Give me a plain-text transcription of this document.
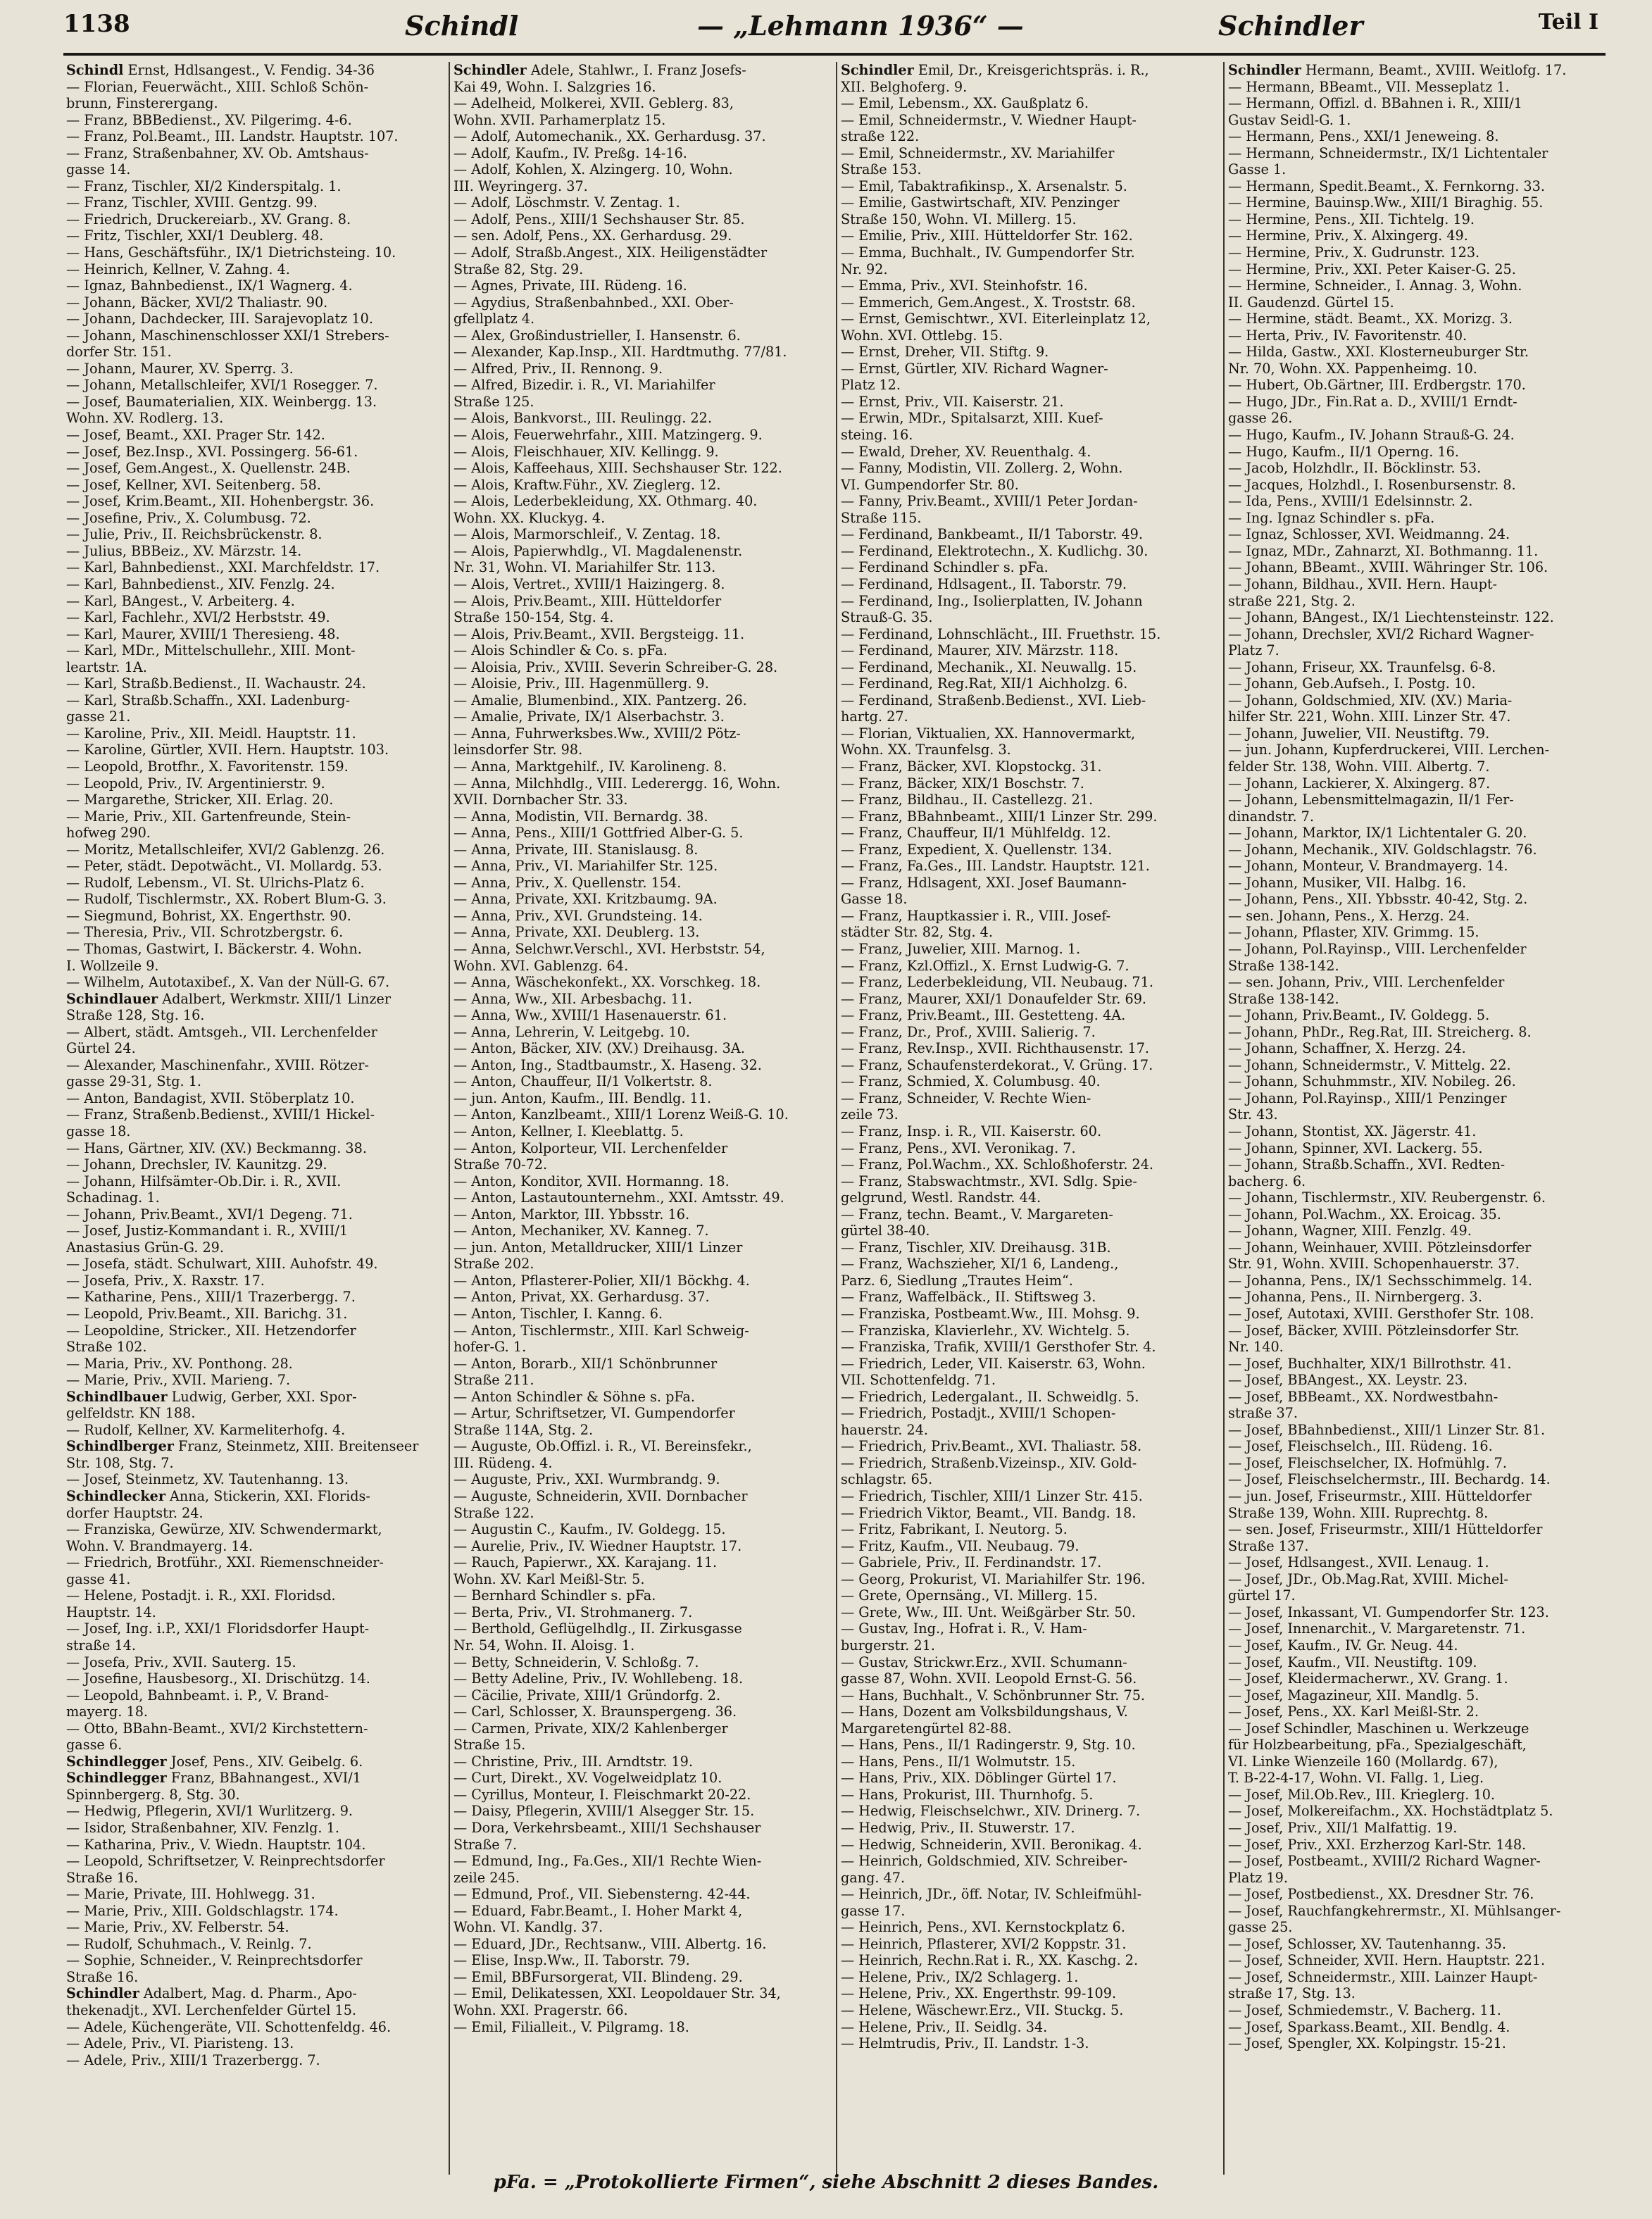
1138	Schindl	— „Lehmann 1936“ —	Schindler	Teil I
Schindl Ernst, Hdlsangest., V. Fendig. 34-36
— Florian, Feuerwächt., XIII. Schloß Schön-
brunn, Finsterergang.
— Franz, BBBedienst., XV. Pilgerimg. 4-6.
— Franz, Pol.Beamt., III. Landstr. Hauptstr. 107.
— Franz, Straßenbahner, XV. Ob. Amtshaus-
gasse 14.
— Franz, Tischler, XI/2 Kinderspitalg. 1.
— Franz, Tischler, XVIII. Gentzg. 99.
— Friedrich, Druckereiarb., XV. Grang. 8.
— Fritz, Tischler, XXI/1 Deublerg. 48.
— Hans, Geschäftsführ., IX/1 Dietrichsteing. 10.
— Heinrich, Kellner, V. Zahng. 4.
— Ignaz, Bahnbedienst., IX/1 Wagnerg. 4.
— Johann, Bäcker, XVI/2 Thaliastr. 90.
— Johann, Dachdecker, III. Sarajevoplatz 10.
— Johann, Maschinenschlosser XXI/1 Strebers-
dorfer Str. 151.
— Johann, Maurer, XV. Sperrg. 3.
— Johann, Metallschleifer, XVI/1 Rosegger. 7.
— Josef, Baumaterialien, XIX. Weinbergg. 13.
Wohn. XV. Rodlerg. 13.
— Josef, Beamt., XXI. Prager Str. 142.
— Josef, Bez.Insp., XVI. Possingerg. 56-61.
— Josef, Gem.Angest., X. Quellenstr. 24B.
— Josef, Kellner, XVI. Seitenberg. 58.
— Josef, Krim.Beamt., XII. Hohenbergstr. 36.
— Josefine, Priv., X. Columbusg. 72.
— Julie, Priv., II. Reichsbrückenstr. 8.
— Julius, BBBeiz., XV. Märzstr. 14.
— Karl, Bahnbedienst., XXI. Marchfeldstr. 17.
— Karl, Bahnbedienst., XIV. Fenzlg. 24.
— Karl, BAngest., V. Arbeiterg. 4.
— Karl, Fachlehr., XVI/2 Herbststr. 49.
— Karl, Maurer, XVIII/1 Theresieng. 48.
— Karl, MDr., Mittelschullehr., XIII. Mont-
leartstr. 1A.
— Karl, Straßb.Bedienst., II. Wachaustr. 24.
— Karl, Straßb.Schaffn., XXI. Ladenburg-
gasse 21.
— Karoline, Priv., XII. Meidl. Hauptstr. 11.
— Karoline, Gürtler, XVII. Hern. Hauptstr. 103.
— Leopold, Brotfhr., X. Favoritenstr. 159.
— Leopold, Priv., IV. Argentinierstr. 9.
— Margarethe, Stricker, XII. Erlag. 20.
— Marie, Priv., XII. Gartenfreunde, Stein-
hofweg 290.
— Moritz, Metallschleifer, XVI/2 Gablenzg. 26.
— Peter, städt. Depotwächt., VI. Mollardg. 53.
— Rudolf, Lebensm., VI. St. Ulrichs-Platz 6.
— Rudolf, Tischlermstr., XX. Robert Blum-G. 3.
— Siegmund, Bohrist, XX. Engerthstr. 90.
— Theresia, Priv., VII. Schrotzbergstr. 6.
— Thomas, Gastwirt, I. Bäckerstr. 4. Wohn.
I. Wollzeile 9.
— Wilhelm, Autotaxibef., X. Van der Nüll-G. 67.
Schindlauer Adalbert, Werkmstr. XIII/1 Linzer
Straße 128, Stg. 16.
— Albert, städt. Amtsgeh., VII. Lerchenfelder
Gürtel 24.
— Alexander, Maschinenfahr., XVIII. Rötzer-
gasse 29-31, Stg. 1.
— Anton, Bandagist, XVII. Stöberplatz 10.
— Franz, Straßenb.Bedienst., XVIII/1 Hickel-
gasse 18.
— Hans, Gärtner, XIV. (XV.) Beckmanng. 38.
— Johann, Drechsler, IV. Kaunitzg. 29.
— Johann, Hilfsämter-Ob.Dir. i. R., XVII.
Schadinag. 1.
— Johann, Priv.Beamt., XVI/1 Degeng. 71.
— Josef, Justiz-Kommandant i. R., XVIII/1
Anastasius Grün-G. 29.
— Josefa, städt. Schulwart, XIII. Auhofstr. 49.
— Josefa, Priv., X. Raxstr. 17.
— Katharine, Pens., XIII/1 Trazerbergg. 7.
— Leopold, Priv.Beamt., XII. Barichg. 31.
— Leopoldine, Stricker., XII. Hetzendorfer
Straße 102.
— Maria, Priv., XV. Ponthong. 28.
— Marie, Priv., XVII. Marieng. 7.
Schindlbauer Ludwig, Gerber, XXI. Spor-
gelfeldstr. KN 188.
— Rudolf, Kellner, XV. Karmeliterhofg. 4.
Schindlberger Franz, Steinmetz, XIII. Breitenseer
Str. 108, Stg. 7.
— Josef, Steinmetz, XV. Tautenhanng. 13.
Schindlecker Anna, Stickerin, XXI. Florids-
dorfer Hauptstr. 24.
— Franziska, Gewürze, XIV. Schwendermarkt,
Wohn. V. Brandmayerg. 14.
— Friedrich, Brotführ., XXI. Riemenschneider-
gasse 41.
— Helene, Postadjt. i. R., XXI. Floridsd.
Hauptstr. 14.
— Josef, Ing. i.P., XXI/1 Floridsdorfer Haupt-
straße 14.
— Josefa, Priv., XVII. Sauterg. 15.
— Josefine, Hausbesorg., XI. Drischützg. 14.
— Leopold, Bahnbeamt. i. P., V. Brand-
mayerg. 18.
— Otto, BBahn-Beamt., XVI/2 Kirchstettern-
gasse 6.
Schindlegger Josef, Pens., XIV. Geibelg. 6.
Schindlegger Franz, BBahnangest., XVI/1
Spinnbergerg. 8, Stg. 30.
— Hedwig, Pflegerin, XVI/1 Wurlitzerg. 9.
— Isidor, Straßenbahner, XIV. Fenzlg. 1.
— Katharina, Priv., V. Wiedn. Hauptstr. 104.
— Leopold, Schriftsetzer, V. Reinprechtsdorfer
Straße 16.
— Marie, Private, III. Hohlwegg. 31.
— Marie, Priv., XIII. Goldschlagstr. 174.
— Marie, Priv., XV. Felberstr. 54.
— Rudolf, Schuhmach., V. Reinlg. 7.
— Sophie, Schneider., V. Reinprechtsdorfer
Straße 16.
Schindler Adalbert, Mag. d. Pharm., Apo-
thekenadjt., XVI. Lerchenfelder Gürtel 15.
— Adele, Küchengeräte, VII. Schottenfeldg. 46.
— Adele, Priv., VI. Piaristeng. 13.
— Adele, Priv., XIII/1 Trazerbergg. 7.
Schindler Adele, Stahlwr., I. Franz Josefs-
Kai 49, Wohn. I. Salzgries 16.
— Adelheid, Molkerei, XVII. Geblerg. 83,
Wohn. XVII. Parhamerplatz 15.
— Adolf, Automechanik., XX. Gerhardusg. 37.
— Adolf, Kaufm., IV. Preßg. 14-16.
— Adolf, Kohlen, X. Alzingerg. 10, Wohn.
III. Weyringerg. 37.
— Adolf, Löschmstr. V. Zentag. 1.
— Adolf, Pens., XIII/1 Sechshauser Str. 85.
— sen. Adolf, Pens., XX. Gerhardusg. 29.
— Adolf, Straßb.Angest., XIX. Heiligenstädter
Straße 82, Stg. 29.
— Agnes, Private, III. Rüdeng. 16.
— Agydius, Straßenbahnbed., XXI. Ober-
gfellplatz 4.
— Alex, Großindustrieller, I. Hansenstr. 6.
— Alexander, Kap.Insp., XII. Hardtmuthg. 77/81.
— Alfred, Priv., II. Rennong. 9.
— Alfred, Bizedir. i. R., VI. Mariahilfer
Straße 125.
— Alois, Bankvorst., III. Reulingg. 22.
— Alois, Feuerwehrfahr., XIII. Matzingerg. 9.
— Alois, Fleischhauer, XIV. Kellingg. 9.
— Alois, Kaffeehaus, XIII. Sechshauser Str. 122.
— Alois, Kraftw.Führ., XV. Zieglerg. 12.
— Alois, Lederbekleidung, XX. Othmarg. 40.
Wohn. XX. Kluckyg. 4.
— Alois, Marmorschleif., V. Zentag. 18.
— Alois, Papierwhdlg., VI. Magdalenenstr.
Nr. 31, Wohn. VI. Mariahilfer Str. 113.
— Alois, Vertret., XVIII/1 Haizingerg. 8.
— Alois, Priv.Beamt., XIII. Hütteldorfer
Straße 150-154, Stg. 4.
— Alois, Priv.Beamt., XVII. Bergsteigg. 11.
— Alois Schindler & Co. s. pFa.
— Aloisia, Priv., XVIII. Severin Schreiber-G. 28.
— Aloisie, Priv., III. Hagenmüllerg. 9.
— Amalie, Blumenbind., XIX. Pantzerg. 26.
— Amalie, Private, IX/1 Alserbachstr. 3.
— Anna, Fuhrwerksbes.Ww., XVIII/2 Pötz-
leinsdorfer Str. 98.
— Anna, Marktgehilf., IV. Karolineng. 8.
— Anna, Milchhdlg., VIII. Lederergg. 16, Wohn.
XVII. Dornbacher Str. 33.
— Anna, Modistin, VII. Bernardg. 38.
— Anna, Pens., XIII/1 Gottfried Alber-G. 5.
— Anna, Private, III. Stanislausg. 8.
— Anna, Priv., VI. Mariahilfer Str. 125.
— Anna, Priv., X. Quellenstr. 154.
— Anna, Private, XXI. Kritzbaumg. 9A.
— Anna, Priv., XVI. Grundsteing. 14.
— Anna, Private, XXI. Deublerg. 13.
— Anna, Selchwr.Verschl., XVI. Herbststr. 54,
Wohn. XVI. Gablenzg. 64.
— Anna, Wäschekonfekt., XX. Vorschkeg. 18.
— Anna, Ww., XII. Arbesbachg. 11.
— Anna, Ww., XVIII/1 Hasenauerstr. 61.
— Anna, Lehrerin, V. Leitgebg. 10.
— Anton, Bäcker, XIV. (XV.) Dreihausg. 3A.
— Anton, Ing., Stadtbaumstr., X. Haseng. 32.
— Anton, Chauffeur, II/1 Volkertstr. 8.
— jun. Anton, Kaufm., III. Bendlg. 11.
— Anton, Kanzlbeamt., XIII/1 Lorenz Weiß-G. 10.
— Anton, Kellner, I. Kleeblattg. 5.
— Anton, Kolporteur, VII. Lerchenfelder
Straße 70-72.
— Anton, Konditor, XVII. Hormanng. 18.
— Anton, Lastautounternehm., XXI. Amtsstr. 49.
— Anton, Marktor, III. Ybbsstr. 16.
— Anton, Mechaniker, XV. Kanneg. 7.
— jun. Anton, Metalldrucker, XIII/1 Linzer
Straße 202.
— Anton, Pflasterer-Polier, XII/1 Böckhg. 4.
— Anton, Privat, XX. Gerhardusg. 37.
— Anton, Tischler, I. Kanng. 6.
— Anton, Tischlermstr., XIII. Karl Schweig-
hofer-G. 1.
— Anton, Borarb., XII/1 Schönbrunner
Straße 211.
— Anton Schindler & Söhne s. pFa.
— Artur, Schriftsetzer, VI. Gumpendorfer
Straße 114A, Stg. 2.
— Auguste, Ob.Offizl. i. R., VI. Bereinsfekr.,
III. Rüdeng. 4.
— Auguste, Priv., XXI. Wurmbrandg. 9.
— Auguste, Schneiderin, XVII. Dornbacher
Straße 122.
— Augustin C., Kaufm., IV. Goldegg. 15.
— Aurelie, Priv., IV. Wiedner Hauptstr. 17.
— Rauch, Papierwr., XX. Karajang. 11.
Wohn. XV. Karl Meißl-Str. 5.
— Bernhard Schindler s. pFa.
— Berta, Priv., VI. Strohmanerg. 7.
— Berthold, Geflügelhdlg., II. Zirkusgasse
Nr. 54, Wohn. II. Aloisg. 1.
— Betty, Schneiderin, V. Schloßg. 7.
— Betty Adeline, Priv., IV. Wohllebeng. 18.
— Cäcilie, Private, XIII/1 Gründorfg. 2.
— Carl, Schlosser, X. Braunspergeng. 36.
— Carmen, Private, XIX/2 Kahlenberger
Straße 15.
— Christine, Priv., III. Arndtstr. 19.
— Curt, Direkt., XV. Vogelweidplatz 10.
— Cyrillus, Monteur, I. Fleischmarkt 20-22.
— Daisy, Pflegerin, XVIII/1 Alsegger Str. 15.
— Dora, Verkehrsbeamt., XIII/1 Sechshauser
Straße 7.
— Edmund, Ing., Fa.Ges., XII/1 Rechte Wien-
zeile 245.
— Edmund, Prof., VII. Siebensterng. 42-44.
— Eduard, Fabr.Beamt., I. Hoher Markt 4,
Wohn. VI. Kandlg. 37.
— Eduard, JDr., Rechtsanw., VIII. Albertg. 16.
— Elise, Insp.Ww., II. Taborstr. 79.
— Emil, BBFursorgerat, VII. Blindeng. 29.
— Emil, Delikatessen, XXI. Leopoldauer Str. 34,
Wohn. XXI. Pragerstr. 66.
— Emil, Filialleit., V. Pilgramg. 18.
Schindler Emil, Dr., Kreisgerichtspräs. i. R.,
XII. Belghoferg. 9.
— Emil, Lebensm., XX. Gaußplatz 6.
— Emil, Schneidermstr., V. Wiedner Haupt-
straße 122.
— Emil, Schneidermstr., XV. Mariahilfer
Straße 153.
— Emil, Tabaktrafikinsp., X. Arsenalstr. 5.
— Emilie, Gastwirtschaft, XIV. Penzinger
Straße 150, Wohn. VI. Millerg. 15.
— Emilie, Priv., XIII. Hütteldorfer Str. 162.
— Emma, Buchhalt., IV. Gumpendorfer Str.
Nr. 92.
— Emma, Priv., XVI. Steinhofstr. 16.
— Emmerich, Gem.Angest., X. Troststr. 68.
— Ernst, Gemischtwr., XVI. Eiterleinplatz 12,
Wohn. XVI. Ottlebg. 15.
— Ernst, Dreher, VII. Stiftg. 9.
— Ernst, Gürtler, XIV. Richard Wagner-
Platz 12.
— Ernst, Priv., VII. Kaiserstr. 21.
— Erwin, MDr., Spitalsarzt, XIII. Kuef-
steing. 16.
— Ewald, Dreher, XV. Reuenthalg. 4.
— Fanny, Modistin, VII. Zollerg. 2, Wohn.
VI. Gumpendorfer Str. 80.
— Fanny, Priv.Beamt., XVIII/1 Peter Jordan-
Straße 115.
— Ferdinand, Bankbeamt., II/1 Taborstr. 49.
— Ferdinand, Elektrotechn., X. Kudlichg. 30.
— Ferdinand Schindler s. pFa.
— Ferdinand, Hdlsagent., II. Taborstr. 79.
— Ferdinand, Ing., Isolierplatten, IV. Johann
Strauß-G. 35.
— Ferdinand, Lohnschlächt., III. Fruethstr. 15.
— Ferdinand, Maurer, XIV. Märzstr. 118.
— Ferdinand, Mechanik., XI. Neuwallg. 15.
— Ferdinand, Reg.Rat, XII/1 Aichholzg. 6.
— Ferdinand, Straßenb.Bedienst., XVI. Lieb-
hartg. 27.
— Florian, Viktualien, XX. Hannovermarkt,
Wohn. XX. Traunfelsg. 3.
— Franz, Bäcker, XVI. Klopstockg. 31.
— Franz, Bäcker, XIX/1 Boschstr. 7.
— Franz, Bildhau., II. Castellezg. 21.
— Franz, BBahnbeamt., XIII/1 Linzer Str. 299.
— Franz, Chauffeur, II/1 Mühlfeldg. 12.
— Franz, Expedient, X. Quellenstr. 134.
— Franz, Fa.Ges., III. Landstr. Hauptstr. 121.
— Franz, Hdlsagent, XXI. Josef Baumann-
Gasse 18.
— Franz, Hauptkassier i. R., VIII. Josef-
städter Str. 82, Stg. 4.
— Franz, Juwelier, XIII. Marnog. 1.
— Franz, Kzl.Offizl., X. Ernst Ludwig-G. 7.
— Franz, Lederbekleidung, VII. Neubaug. 71.
— Franz, Maurer, XXI/1 Donaufelder Str. 69.
— Franz, Priv.Beamt., III. Gestetteng. 4A.
— Franz, Dr., Prof., XVIII. Salierig. 7.
— Franz, Rev.Insp., XVII. Richthausenstr. 17.
— Franz, Schaufensterdekorat., V. Grüng. 17.
— Franz, Schmied, X. Columbusg. 40.
— Franz, Schneider, V. Rechte Wien-
zeile 73.
— Franz, Insp. i. R., VII. Kaiserstr. 60.
— Franz, Pens., XVI. Veronikag. 7.
— Franz, Pol.Wachm., XX. Schloßhoferstr. 24.
— Franz, Stabswachtmstr., XVI. Sdlg. Spie-
gelgrund, Westl. Randstr. 44.
— Franz, techn. Beamt., V. Margareten-
gürtel 38-40.
— Franz, Tischler, XIV. Dreihausg. 31B.
— Franz, Wachszieher, XI/1 6, Landeng.,
Parz. 6, Siedlung „Trautes Heim“.
— Franz, Waffelbäck., II. Stiftsweg 3.
— Franziska, Postbeamt.Ww., III. Mohsg. 9.
— Franziska, Klavierlehr., XV. Wichtelg. 5.
— Franziska, Trafik, XVIII/1 Gersthofer Str. 4.
— Friedrich, Leder, VII. Kaiserstr. 63, Wohn.
VII. Schottenfeldg. 71.
— Friedrich, Ledergalant., II. Schweidlg. 5.
— Friedrich, Postadjt., XVIII/1 Schopen-
hauerstr. 24.
— Friedrich, Priv.Beamt., XVI. Thaliastr. 58.
— Friedrich, Straßenb.Vizeinsp., XIV. Gold-
schlagstr. 65.
— Friedrich, Tischler, XIII/1 Linzer Str. 415.
— Friedrich Viktor, Beamt., VII. Bandg. 18.
— Fritz, Fabrikant, I. Neutorg. 5.
— Fritz, Kaufm., VII. Neubaug. 79.
— Gabriele, Priv., II. Ferdinandstr. 17.
— Georg, Prokurist, VI. Mariahilfer Str. 196.
— Grete, Opernsäng., VI. Millerg. 15.
— Grete, Ww., III. Unt. Weißgärber Str. 50.
— Gustav, Ing., Hofrat i. R., V. Ham-
burgerstr. 21.
— Gustav, Strickwr.Erz., XVII. Schumann-
gasse 87, Wohn. XVII. Leopold Ernst-G. 56.
— Hans, Buchhalt., V. Schönbrunner Str. 75.
— Hans, Dozent am Volksbildungshaus, V.
Margaretengürtel 82-88.
— Hans, Pens., II/1 Radingerstr. 9, Stg. 10.
— Hans, Pens., II/1 Wolmutstr. 15.
— Hans, Priv., XIX. Döblinger Gürtel 17.
— Hans, Prokurist, III. Thurnhofg. 5.
— Hedwig, Fleischselchwr., XIV. Drinerg. 7.
— Hedwig, Priv., II. Stuwerstr. 17.
— Hedwig, Schneiderin, XVII. Beronikag. 4.
— Heinrich, Goldschmied, XIV. Schreiber-
gang. 47.
— Heinrich, JDr., öff. Notar, IV. Schleifmühl-
gasse 17.
— Heinrich, Pens., XVI. Kernstockplatz 6.
— Heinrich, Pflasterer, XVI/2 Koppstr. 31.
— Heinrich, Rechn.Rat i. R., XX. Kaschg. 2.
— Helene, Priv., IX/2 Schlagerg. 1.
— Helene, Priv., XX. Engerthstr. 99-109.
— Helene, Wäschewr.Erz., VII. Stuckg. 5.
— Helene, Priv., II. Seidlg. 34.
— Helmtrudis, Priv., II. Landstr. 1-3.
Schindler Hermann, Beamt., XVIII. Weitlofg. 17.
— Hermann, BBeamt., VII. Messeplatz 1.
— Hermann, Offizl. d. BBahnen i. R., XIII/1
Gustav Seidl-G. 1.
— Hermann, Pens., XXI/1 Jeneweing. 8.
— Hermann, Schneidermstr., IX/1 Lichtentaler
Gasse 1.
— Hermann, Spedit.Beamt., X. Fernkorng. 33.
— Hermine, Bauinsp.Ww., XIII/1 Biraghig. 55.
— Hermine, Pens., XII. Tichtelg. 19.
— Hermine, Priv., X. Alxingerg. 49.
— Hermine, Priv., X. Gudrunstr. 123.
— Hermine, Priv., XXI. Peter Kaiser-G. 25.
— Hermine, Schneider., I. Annag. 3, Wohn.
II. Gaudenzd. Gürtel 15.
— Hermine, städt. Beamt., XX. Morizg. 3.
— Herta, Priv., IV. Favoritenstr. 40.
— Hilda, Gastw., XXI. Klosterneuburger Str.
Nr. 70, Wohn. XX. Pappenheimg. 10.
— Hubert, Ob.Gärtner, III. Erdbergstr. 170.
— Hugo, JDr., Fin.Rat a. D., XVIII/1 Erndt-
gasse 26.
— Hugo, Kaufm., IV. Johann Strauß-G. 24.
— Hugo, Kaufm., II/1 Operng. 16.
— Jacob, Holzhdlr., II. Böcklinstr. 53.
— Jacques, Holzhdl., I. Rosenbursenstr. 8.
— Ida, Pens., XVIII/1 Edelsinnstr. 2.
— Ing. Ignaz Schindler s. pFa.
— Ignaz, Schlosser, XVI. Weidmanng. 24.
— Ignaz, MDr., Zahnarzt, XI. Bothmanng. 11.
— Johann, BBeamt., XVIII. Währinger Str. 106.
— Johann, Bildhau., XVII. Hern. Haupt-
straße 221, Stg. 2.
— Johann, BAngest., IX/1 Liechtensteinstr. 122.
— Johann, Drechsler, XVI/2 Richard Wagner-
Platz 7.
— Johann, Friseur, XX. Traunfelsg. 6-8.
— Johann, Geb.Aufseh., I. Postg. 10.
— Johann, Goldschmied, XIV. (XV.) Maria-
hilfer Str. 221, Wohn. XIII. Linzer Str. 47.
— Johann, Juwelier, VII. Neustiftg. 79.
— jun. Johann, Kupferdruckerei, VIII. Lerchen-
felder Str. 138, Wohn. VIII. Albertg. 7.
— Johann, Lackierer, X. Alxingerg. 87.
— Johann, Lebensmittelmagazin, II/1 Fer-
dinandstr. 7.
— Johann, Marktor, IX/1 Lichtentaler G. 20.
— Johann, Mechanik., XIV. Goldschlagstr. 76.
— Johann, Monteur, V. Brandmayerg. 14.
— Johann, Musiker, VII. Halbg. 16.
— Johann, Pens., XII. Ybbsstr. 40-42, Stg. 2.
— sen. Johann, Pens., X. Herzg. 24.
— Johann, Pflaster, XIV. Grimmg. 15.
— Johann, Pol.Rayinsp., VIII. Lerchenfelder
Straße 138-142.
— sen. Johann, Priv., VIII. Lerchenfelder
Straße 138-142.
— Johann, Priv.Beamt., IV. Goldegg. 5.
— Johann, PhDr., Reg.Rat, III. Streicherg. 8.
— Johann, Schaffner, X. Herzg. 24.
— Johann, Schneidermstr., V. Mittelg. 22.
— Johann, Schuhmmstr., XIV. Nobileg. 26.
— Johann, Pol.Rayinsp., XIII/1 Penzinger
Str. 43.
— Johann, Stontist, XX. Jägerstr. 41.
— Johann, Spinner, XVI. Lackerg. 55.
— Johann, Straßb.Schaffn., XVI. Redten-
bacherg. 6.
— Johann, Tischlermstr., XIV. Reubergenstr. 6.
— Johann, Pol.Wachm., XX. Eroicag. 35.
— Johann, Wagner, XIII. Fenzlg. 49.
— Johann, Weinhauer, XVIII. Pötzleinsdorfer
Str. 91, Wohn. XVIII. Schopenhauerstr. 37.
— Johanna, Pens., IX/1 Sechsschimmelg. 14.
— Johanna, Pens., II. Nirnbergerg. 3.
— Josef, Autotaxi, XVIII. Gersthofer Str. 108.
— Josef, Bäcker, XVIII. Pötzleinsdorfer Str.
Nr. 140.
— Josef, Buchhalter, XIX/1 Billrothstr. 41.
— Josef, BBAngest., XX. Leystr. 23.
— Josef, BBBeamt., XX. Nordwestbahn-
straße 37.
— Josef, BBahnbedienst., XIII/1 Linzer Str. 81.
— Josef, Fleischselch., III. Rüdeng. 16.
— Josef, Fleischselcher, IX. Hofmühlg. 7.
— Josef, Fleischselchermstr., III. Bechardg. 14.
— jun. Josef, Friseurmstr., XIII. Hütteldorfer
Straße 139, Wohn. XIII. Ruprechtg. 8.
— sen. Josef, Friseurmstr., XIII/1 Hütteldorfer
Straße 137.
— Josef, Hdlsangest., XVII. Lenaug. 1.
— Josef, JDr., Ob.Mag.Rat, XVIII. Michel-
gürtel 17.
— Josef, Inkassant, VI. Gumpendorfer Str. 123.
— Josef, Innenarchit., V. Margaretenstr. 71.
— Josef, Kaufm., IV. Gr. Neug. 44.
— Josef, Kaufm., VII. Neustiftg. 109.
— Josef, Kleidermacherwr., XV. Grang. 1.
— Josef, Magazineur, XII. Mandlg. 5.
— Josef, Pens., XX. Karl Meißl-Str. 2.
— Josef Schindler, Maschinen u. Werkzeuge
für Holzbearbeitung, pFa., Spezialgeschäft,
VI. Linke Wienzeile 160 (Mollardg. 67),
T. B-22-4-17, Wohn. VI. Fallg. 1, Lieg.
— Josef, Mil.Ob.Rev., III. Krieglerg. 10.
— Josef, Molkereifachm., XX. Hochstädtplatz 5.
— Josef, Priv., XII/1 Malfattig. 19.
— Josef, Priv., XXI. Erzherzog Karl-Str. 148.
— Josef, Postbeamt., XVIII/2 Richard Wagner-
Platz 19.
— Josef, Postbedienst., XX. Dresdner Str. 76.
— Josef, Rauchfangkehrermstr., XI. Mühlsanger-
gasse 25.
— Josef, Schlosser, XV. Tautenhanng. 35.
— Josef, Schneider, XVII. Hern. Hauptstr. 221.
— Josef, Schneidermstr., XIII. Lainzer Haupt-
straße 17, Stg. 13.
— Josef, Schmiedemstr., V. Bacherg. 11.
— Josef, Sparkass.Beamt., XII. Bendlg. 4.
— Josef, Spengler, XX. Kolpingstr. 15-21.
pFa. = „Protokollierte Firmen“, siehe Abschnitt 2 dieses Bandes.
